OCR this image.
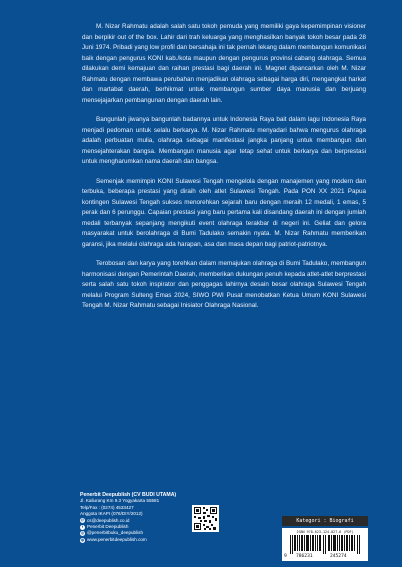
M. Nizar Rahmatu adalah salah satu tokoh pemuda yang memiliki gaya kepemimpinan visioner dan berpikir out of the box. Lahir dari trah keluarga yang menghasilkan banyak tokoh besar pada 28 Juni 1974. Pribadi yang low profil dan bersahaja ini tak pernah lekang dalam membangun komunikasi baik dengan pengurus KONI kab./kota maupun dengan pengurus provinsi cabang olahraga. Semua dilakukan demi kemajuan dan raihan prestasi bagi daerah ini. Magnet dipancarkan oleh M. Nizar Rahmatu dengan membawa perubahan menjadikan olahraga sebagai harga diri, mengangkat harkat dan martabat daerah, berhikmat untuk membangun sumber daya manusia dan berjuang mensejajarkan pembangunan dengan daerah lain.

Bangunlah jiwanya bangunlah badannya untuk Indonesia Raya bait dalam lagu Indonesia Raya menjadi pedoman untuk selalu berkarya. M. Nizar Rahmatu menyadari bahwa mengurus olahraga adalah perbuatan mulia, olahraga sebagai manifestasi jangka panjang untuk membangun dan mensejahterakan bangsa. Membangun manusia agar tetap sehat untuk berkarya dan berprestasi untuk mengharumkan nama daerah dan bangsa.

Semenjak memimpin KONI Sulawesi Tengah mengelola dengan manajemen yang modern dan terbuka, beberapa prestasi yang diraih oleh atlet Sulawesi Tengah. Pada PON XX 2021 Papua kontingen Sulawesi Tengah sukses menorehkan sejarah baru dengan meraih 12 medali, 1 emas, 5 perak dan 6 perunggu. Capaian prestasi yang baru pertama kali disandang daerah ini dengan jumlah medali terbanyak sepanjang mengikuti event olahraga terakbar di negeri ini. Geliat dan gelora masyarakat untuk berolahraga di Bumi Tadulako semakin nyata. M. Nizar Rahmatu memberikan garansi, jika melalui olahraga ada harapan, asa dan masa depan bagi patriot-patriotnya.

Terobosan dan karya yang torehkan dalam memajukan olahraga di Bumi Tadulako, membangun harmonisasi dengan Pemerintah Daerah, memberikan dukungan penuh kepada atlet-atlet berprestasi serta salah satu tokoh inspirator dan penggagas lahirnya desain besar olahraga Sulawesi Tengah melalui Program Sulteng Emas 2024, SIWO PWI Pusat menobatkan Ketua Umum KONI Sulawesi Tengah M. Nizar Rahmatu sebagai Inisiator Olahraga Nasional.

Penerbit Deepublish (CV BUDI UTAMA)
Jl. Kaliurang Km 9.3 Yogyakarta 55581
Telp/Fax : (0274) 4533427
Anggota IKAPI (076/DIY/2012)
@ cs@deepublish.co.id
f Penerbit Deepublish
◎ @penerbitbuku_deepublish
◍ www.penerbitdeepublish.com
Kategori : Biografi
ISBN 978-623-124-027-6 (PDF)
9 786231	245274
